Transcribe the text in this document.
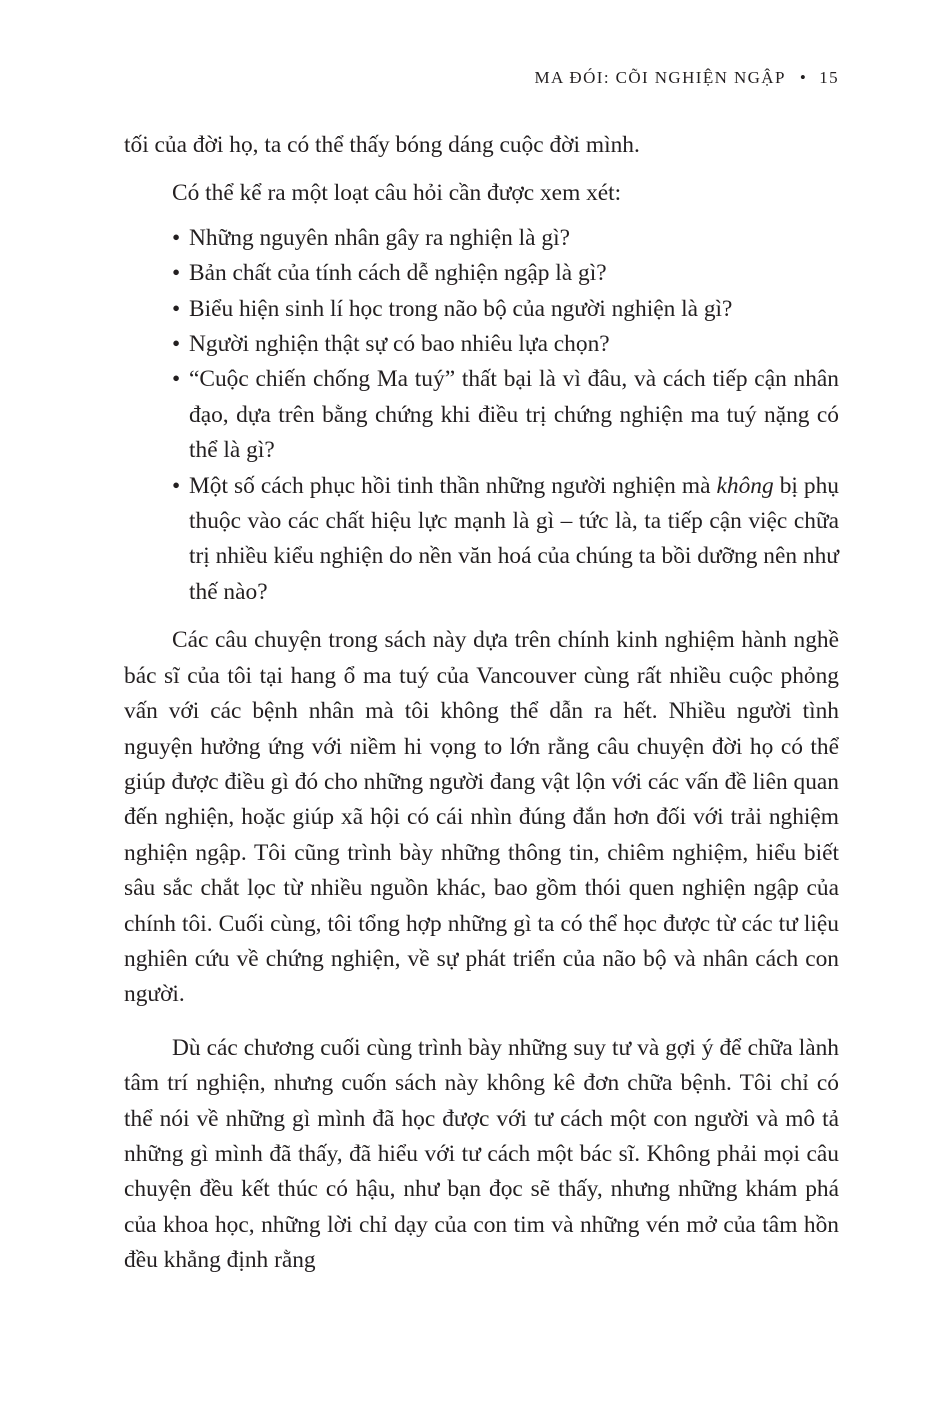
MA ĐÓI: CÕI NGHIỆN NGẬP • 15

tối của đời họ, ta có thể thấy bóng dáng cuộc đời mình.

Có thể kể ra một loạt câu hỏi cần được xem xét:

• Những nguyên nhân gây ra nghiện là gì?
• Bản chất của tính cách dễ nghiện ngập là gì?
• Biểu hiện sinh lí học trong não bộ của người nghiện là gì?
• Người nghiện thật sự có bao nhiêu lựa chọn?
• “Cuộc chiến chống Ma tuý” thất bại là vì đâu, và cách tiếp cận nhân đạo, dựa trên bằng chứng khi điều trị chứng nghiện ma tuý nặng có thể là gì?
• Một số cách phục hồi tinh thần những người nghiện mà không bị phụ thuộc vào các chất hiệu lực mạnh là gì – tức là, ta tiếp cận việc chữa trị nhiều kiểu nghiện do nền văn hoá của chúng ta bồi dưỡng nên như thế nào?

Các câu chuyện trong sách này dựa trên chính kinh nghiệm hành nghề bác sĩ của tôi tại hang ổ ma tuý của Vancouver cùng rất nhiều cuộc phỏng vấn với các bệnh nhân mà tôi không thể dẫn ra hết. Nhiều người tình nguyện hưởng ứng với niềm hi vọng to lớn rằng câu chuyện đời họ có thể giúp được điều gì đó cho những người đang vật lộn với các vấn đề liên quan đến nghiện, hoặc giúp xã hội có cái nhìn đúng đắn hơn đối với trải nghiệm nghiện ngập. Tôi cũng trình bày những thông tin, chiêm nghiệm, hiểu biết sâu sắc chắt lọc từ nhiều nguồn khác, bao gồm thói quen nghiện ngập của chính tôi. Cuối cùng, tôi tổng hợp những gì ta có thể học được từ các tư liệu nghiên cứu về chứng nghiện, về sự phát triển của não bộ và nhân cách con người.

Dù các chương cuối cùng trình bày những suy tư và gợi ý để chữa lành tâm trí nghiện, nhưng cuốn sách này không kê đơn chữa bệnh. Tôi chỉ có thể nói về những gì mình đã học được với tư cách một con người và mô tả những gì mình đã thấy, đã hiểu với tư cách một bác sĩ. Không phải mọi câu chuyện đều kết thúc có hậu, như bạn đọc sẽ thấy, nhưng những khám phá của khoa học, những lời chỉ dạy của con tim và những vén mở của tâm hồn đều khẳng định rằng
